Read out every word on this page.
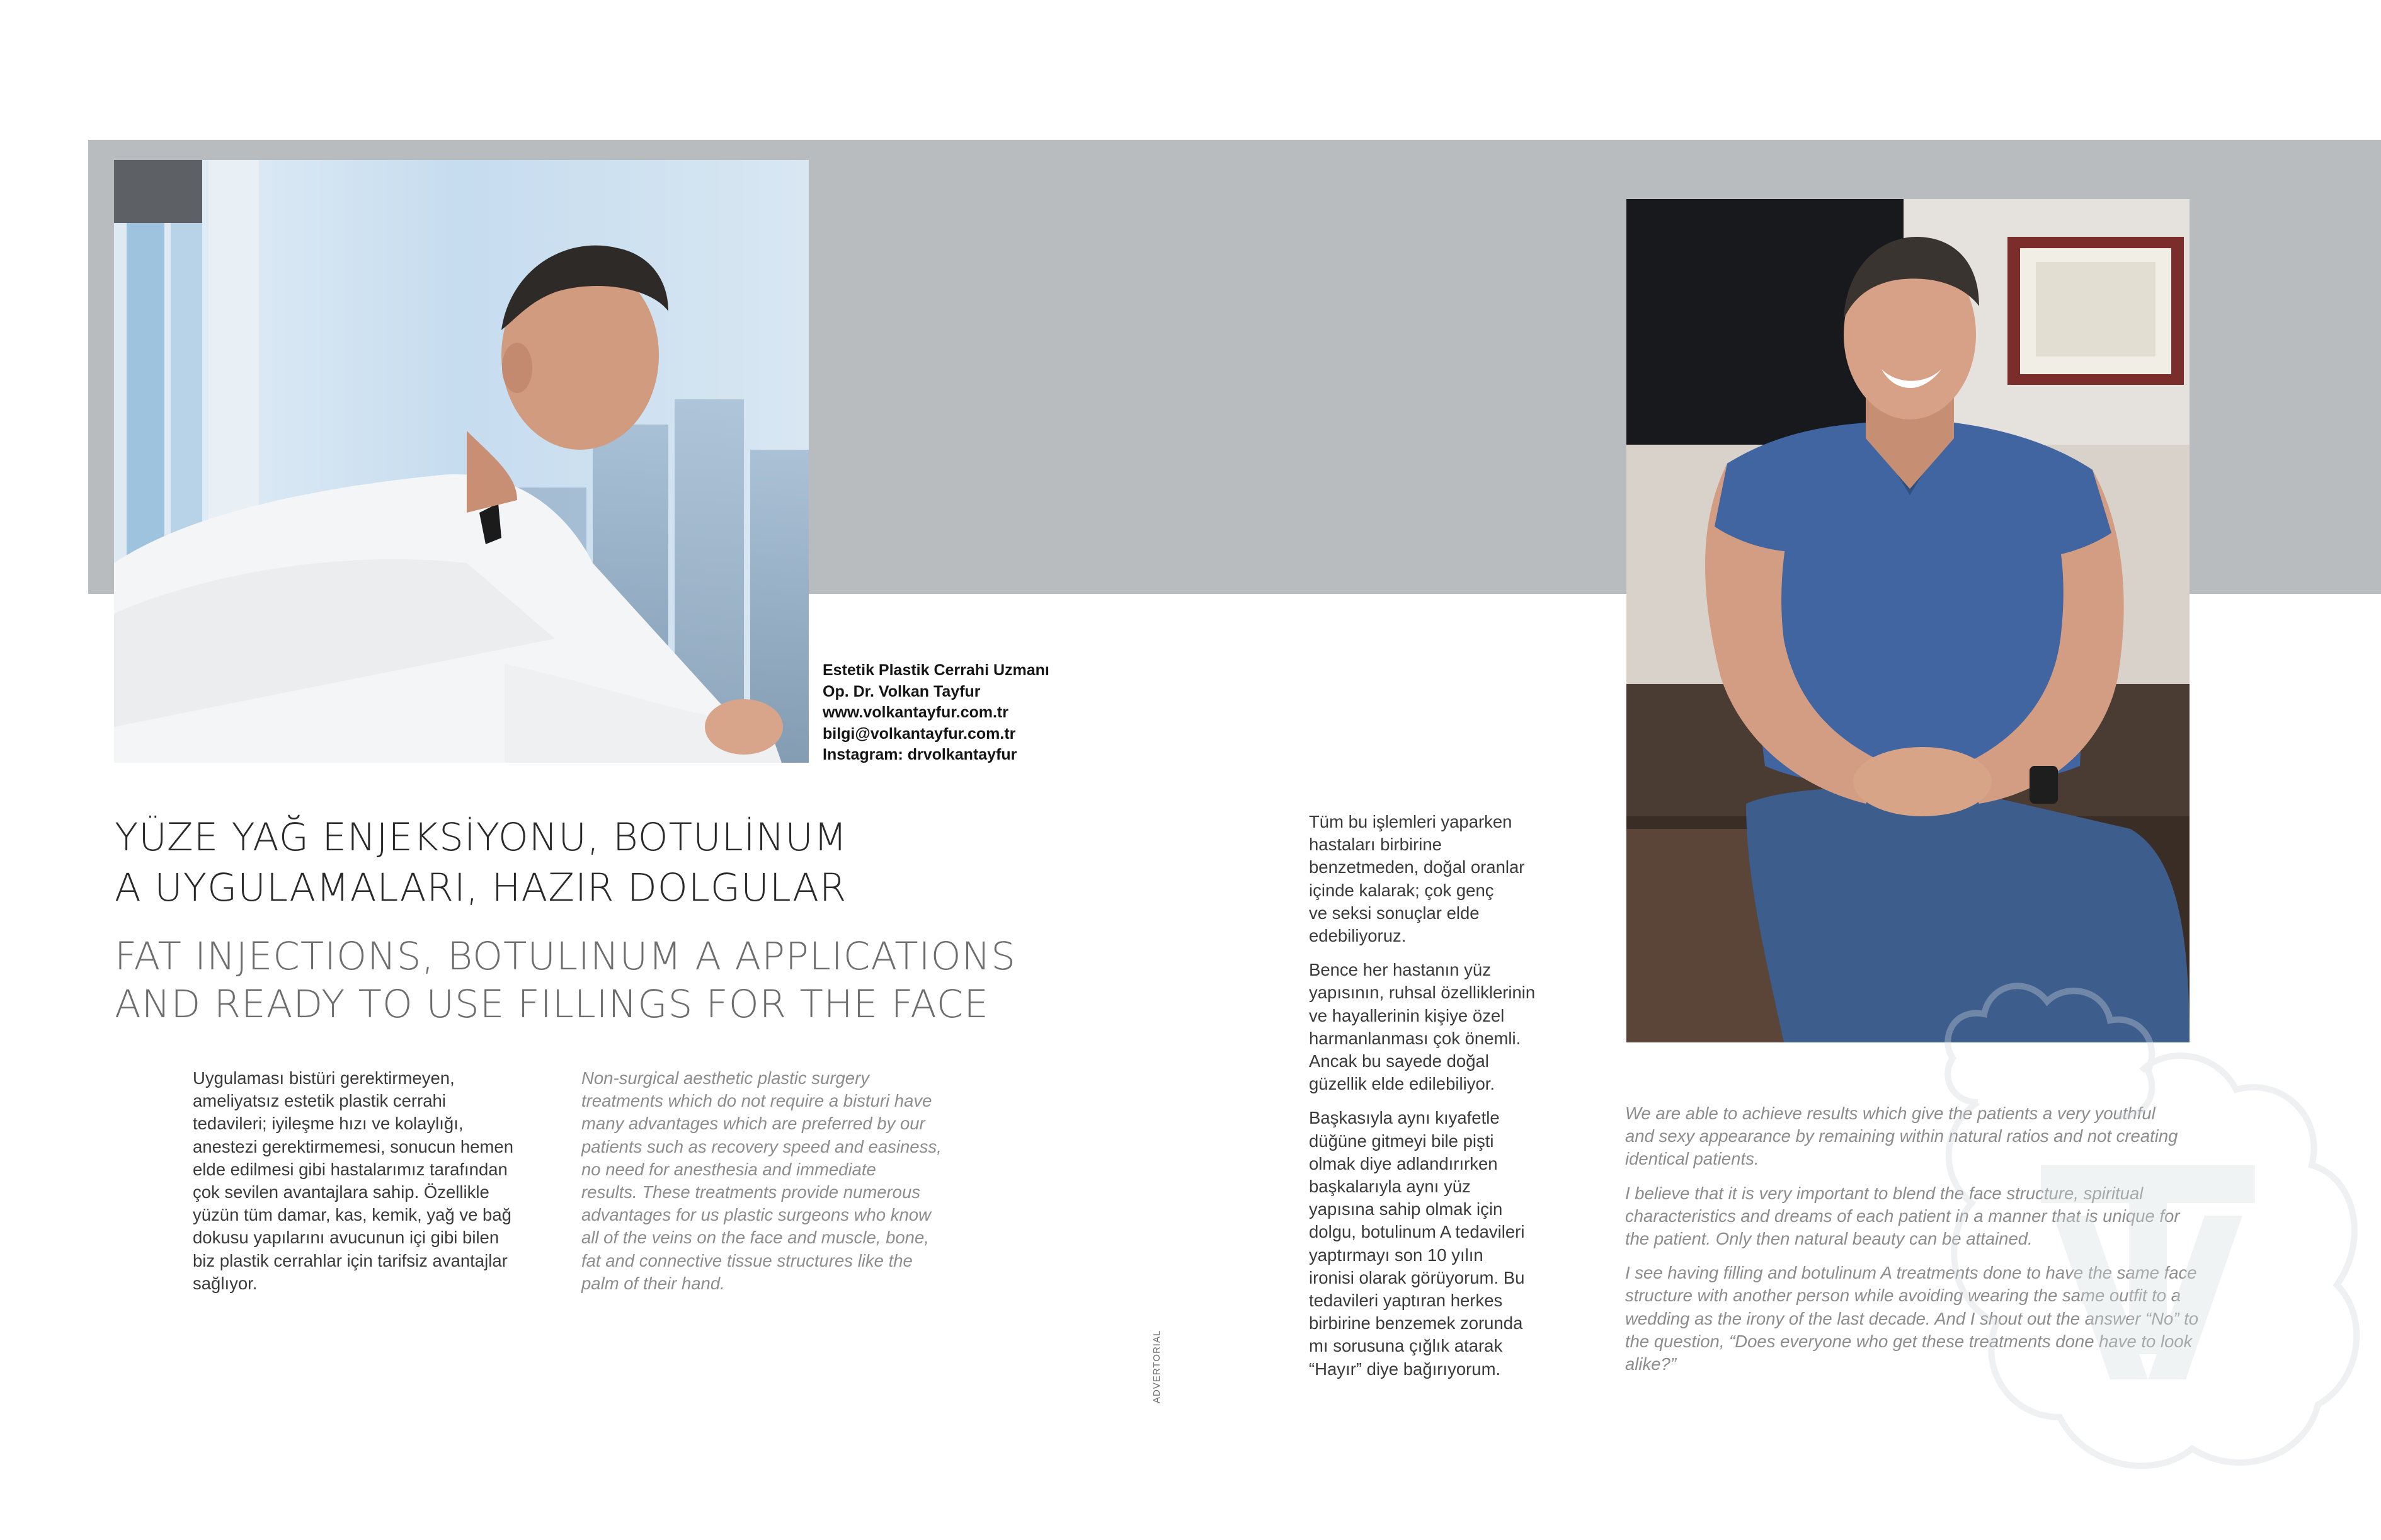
Estetik Plastik Cerrahi Uzmanı
Op. Dr. Volkan Tayfur
www.volkantayfur.com.tr
bilgi@volkantayfur.com.tr
Instagram: drvolkantayfur
YÜZE YAĞ ENJEKSİYONU, BOTULİNUM
A UYGULAMALARI, HAZIR DOLGULAR
FAT INJECTIONS, BOTULINUM A APPLICATIONS
AND READY TO USE FILLINGS FOR THE FACE
Uygulaması bistüri gerektirmeyen,
ameliyatsız estetik plastik cerrahi
tedavileri; iyileşme hızı ve kolaylığı,
anestezi gerektirmemesi, sonucun hemen
elde edilmesi gibi hastalarımız tarafından
çok sevilen avantajlara sahip. Özellikle
yüzün tüm damar, kas, kemik, yağ ve bağ
dokusu yapılarını avucunun içi gibi bilen
biz plastik cerrahlar için tarifsiz avantajlar
sağlıyor.
Non-surgical aesthetic plastic surgery
treatments which do not require a bisturi have
many advantages which are preferred by our
patients such as recovery speed and easiness,
no need for anesthesia and immediate
results. These treatments provide numerous
advantages for us plastic surgeons who know
all of the veins on the face and muscle, bone,
fat and connective tissue structures like the
palm of their hand.

Tüm bu işlemleri yaparken
hastaları birbirine
benzetmeden, doğal oranlar
içinde kalarak; çok genç
ve seksi sonuçlar elde
edebiliyoruz.

Bence her hastanın yüz
yapısının, ruhsal özelliklerinin
ve hayallerinin kişiye özel
harmanlanması çok önemli.
Ancak bu sayede doğal
güzellik elde edilebiliyor.

Başkasıyla aynı kıyafetle
düğüne gitmeyi bile pişti
olmak diye adlandırırken
başkalarıyla aynı yüz
yapısına sahip olmak için
dolgu, botulinum A tedavileri
yaptırmayı son 10 yılın
ironisi olarak görüyorum. Bu
tedavileri yaptıran herkes
birbirine benzemek zorunda
mı sorusuna çığlık atarak
“Hayır” diye bağırıyorum.

We are able to achieve results which give the patients a very youthful
and sexy appearance by remaining within natural ratios and not creating
identical patients.

I believe that it is very important to blend the face structure, spiritual
characteristics and dreams of each patient in a manner that is unique for
the patient. Only then natural beauty can be attained.

I see having filling and botulinum A treatments done to have the same face
structure with another person while avoiding wearing the same outfit to a
wedding as the irony of the last decade. And I shout out the answer “No” to
the question, “Does everyone who get these treatments done have to look
alike?”

ADVERTORIAL
